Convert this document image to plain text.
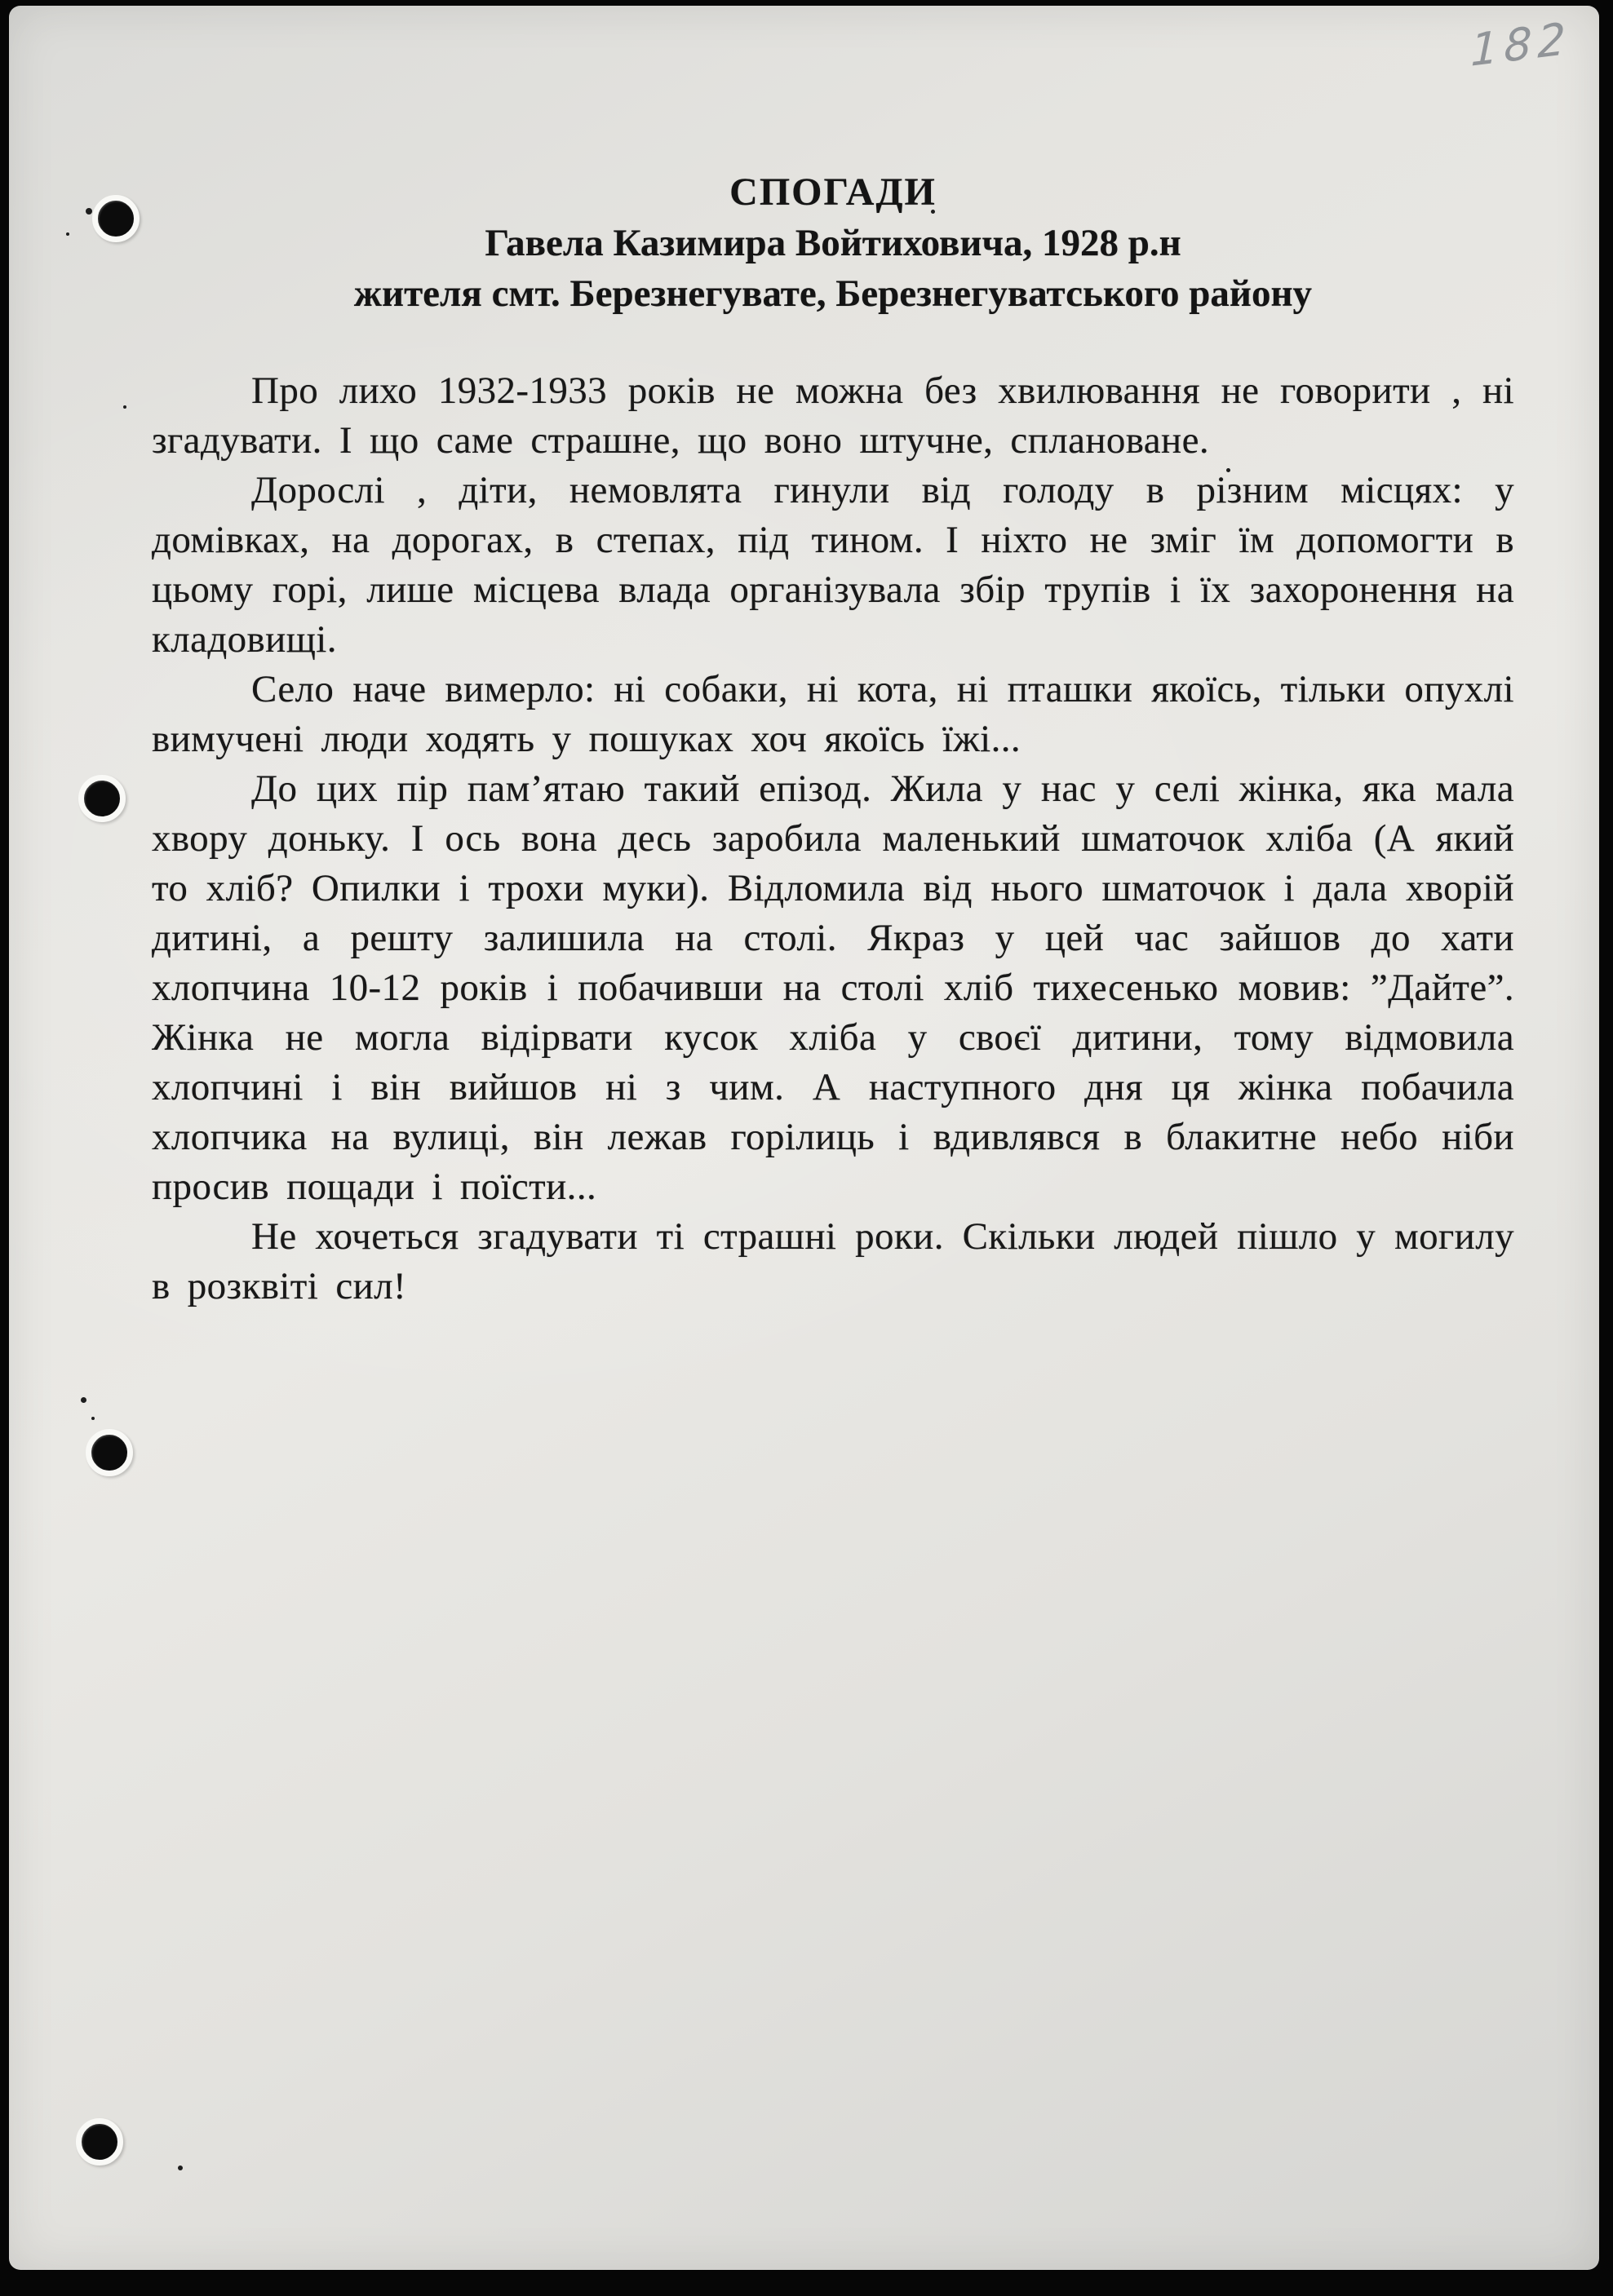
182
СПОГАДИ
Гавела Казимира Войтиховича, 1928 р.н
жителя смт. Березнегувате, Березнегуватського району

Про лихо 1932-1933 років не можна без хвилювання не говорити , ні згадувати. І що саме страшне, що воно штучне, сплановане.

Дорослі , діти, немовлята гинули від голоду в різним місцях: у домівках, на дорогах, в степах, під тином. І ніхто не зміг їм допомогти в цьому горі, лише місцева влада організувала збір трупів і їх захоронення на кладовищі.

Село наче вимерло: ні собаки, ні кота, ні пташки якоїсь, тільки опухлі вимучені люди ходять у пошуках хоч якоїсь їжі...

До цих пір пам’ятаю такий епізод. Жила у нас у селі жінка, яка мала хвору доньку. І ось вона десь заробила маленький шматочок хліба (А який то хліб? Опилки і трохи муки). Відломила від нього шматочок і дала хворій дитині, а решту залишила на столі. Якраз у цей час зайшов до хати хлопчина 10-12 років і побачивши на столі хліб тихесенько мовив: ”Дайте”. Жінка не могла відірвати кусок хліба у своєї дитини, тому відмовила хлопчині і він вийшов ні з чим. А наступного дня ця жінка побачила хлопчика на вулиці, він лежав горілиць і вдивлявся в блакитне небо ніби просив пощади і поїсти...

Не хочеться згадувати ті страшні роки. Скільки людей пішло у могилу в розквіті сил!
